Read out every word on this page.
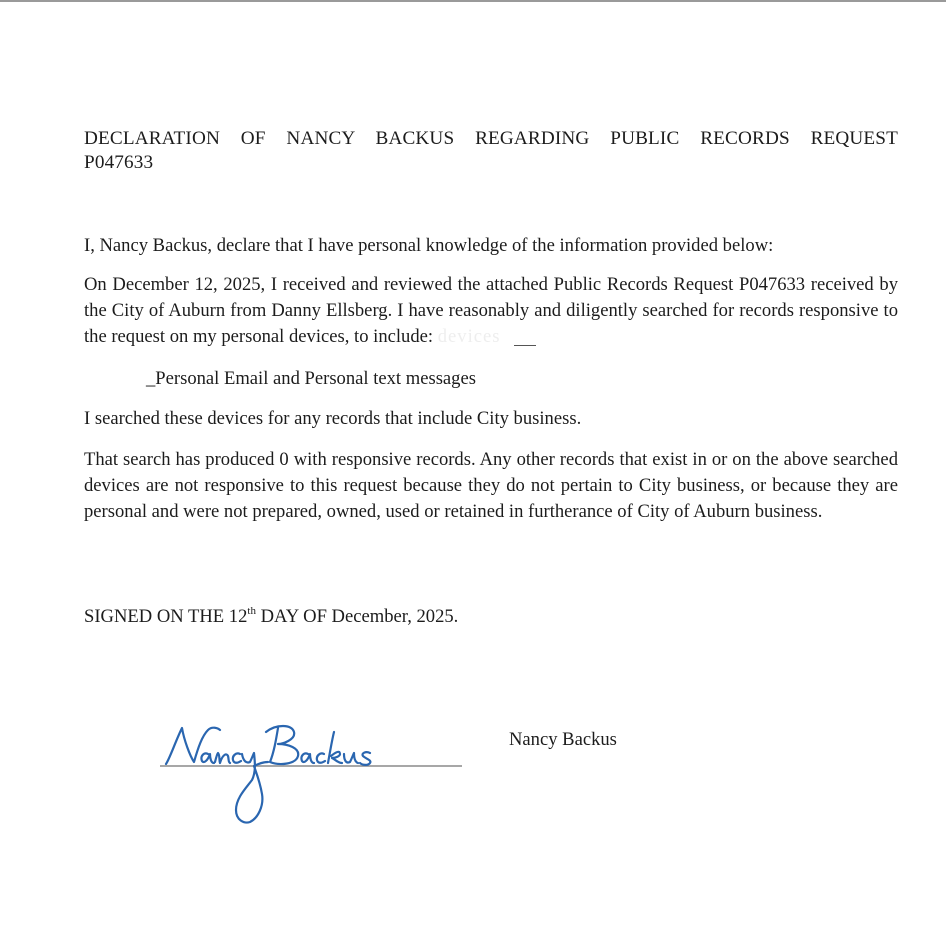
DECLARATION OF NANCY BACKUS REGARDING PUBLIC RECORDS REQUEST
P047633

I, Nancy Backus, declare that I have personal knowledge of the information provided below:

On December 12, 2025, I received and reviewed the attached Public Records Request P047633 received by the City of Auburn from Danny Ellsberg. I have reasonably and diligently searched for records responsive to the request on my personal devices, to include: devices

_Personal Email and Personal text messages

I searched these devices for any records that include City business.

That search has produced 0 with responsive records. Any other records that exist in or on the above searched devices are not responsive to this request because they do not pertain to City business, or because they are personal and were not prepared, owned, used or retained in furtherance of City of Auburn business.

SIGNED ON THE 12th DAY OF December, 2025.

Nancy Backus
